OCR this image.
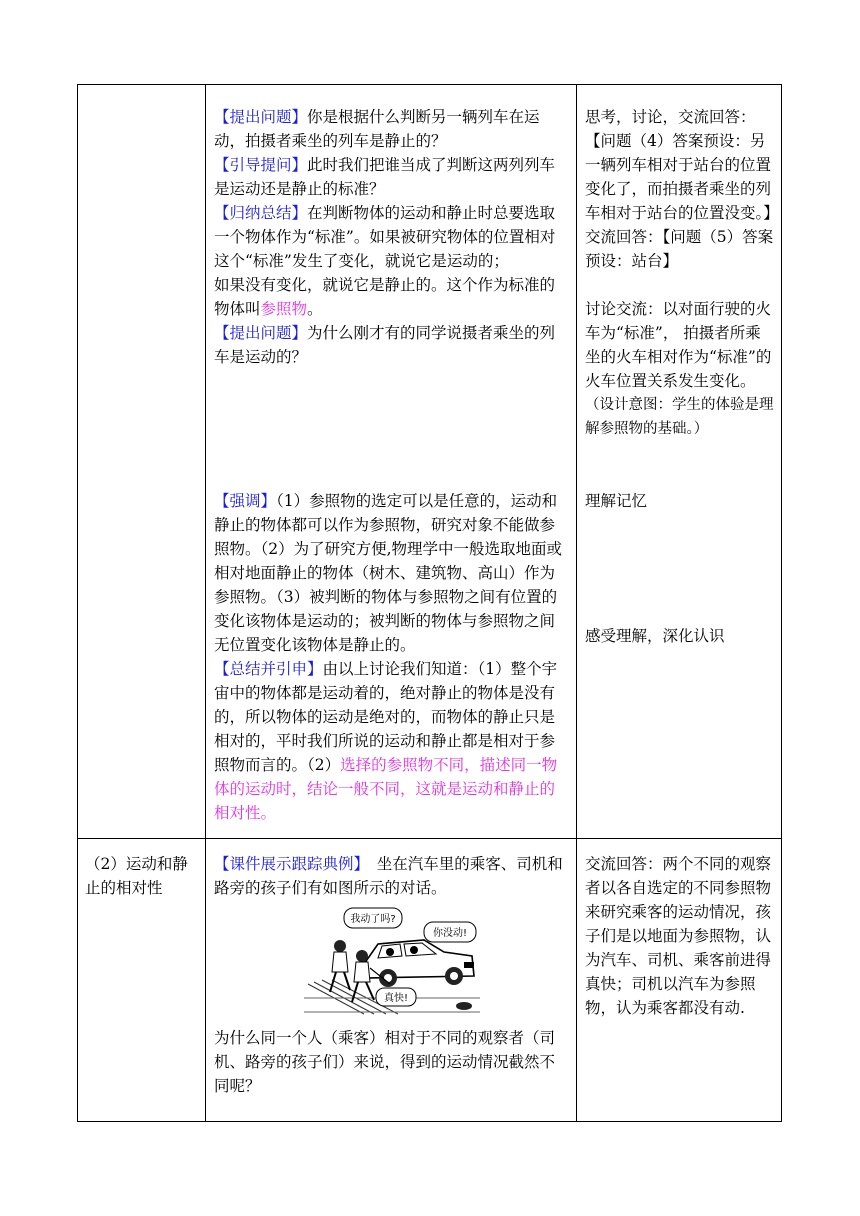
【提出问题】你是根据什么判断另一辆列车在运动，拍摄者乘坐的列车是静止的？

【引导提问】此时我们把谁当成了判断这两列列车是运动还是静止的标准？

【归纳总结】在判断物体的运动和静止时总要选取一个物体作为“标准”。如果被研究物体的位置相对这个“标准”发生了变化，就说它是运动的；

如果没有变化，就说它是静止的。这个作为标准的物体叫参照物。

【提出问题】为什么刚才有的同学说摄者乘坐的列车是运动的？

【强调】（1）参照物的选定可以是任意的，运动和静止的物体都可以作为参照物，研究对象不能做参照物。（2）为了研究方便,物理学中一般选取地面或相对地面静止的物体（树木、建筑物、高山）作为参照物。（3）被判断的物体与参照物之间有位置的变化该物体是运动的；被判断的物体与参照物之间无位置变化该物体是静止的。

【总结并引申】由以上讨论我们知道：（1）整个宇宙中的物体都是运动着的，绝对静止的物体是没有的，所以物体的运动是绝对的，而物体的静止只是相对的，平时我们所说的运动和静止都是相对于参照物而言的。（2）选择的参照物不同，描述同一物体的运动时，结论一般不同，这就是运动和静止的相对性。

思考，讨论，交流回答：

【问题（4）答案预设：另一辆列车相对于站台的位置变化了，而拍摄者乘坐的列车相对于站台的位置没变。】

交流回答：【问题（5）答案预设：站台】

讨论交流：以对面行驶的火车为“标准”， 拍摄者所乘坐的火车相对作为“标准”的火车位置关系发生变化。

（设计意图：学生的体验是理解参照物的基础。）

理解记忆

感受理解，深化认识

（2）运动和静止的相对性

【课件展示跟踪典例】　坐在汽车里的乘客、司机和路旁的孩子们有如图所示的对话。

我动了吗?
你没动!
真快!

为什么同一个人（乘客）相对于不同的观察者（司机、路旁的孩子们）来说，得到的运动情况截然不同呢？

交流回答：两个不同的观察者以各自选定的不同参照物来研究乘客的运动情况，孩子们是以地面为参照物，认为汽车、司机、乘客前进得真快；司机以汽车为参照物，认为乘客都没有动.
